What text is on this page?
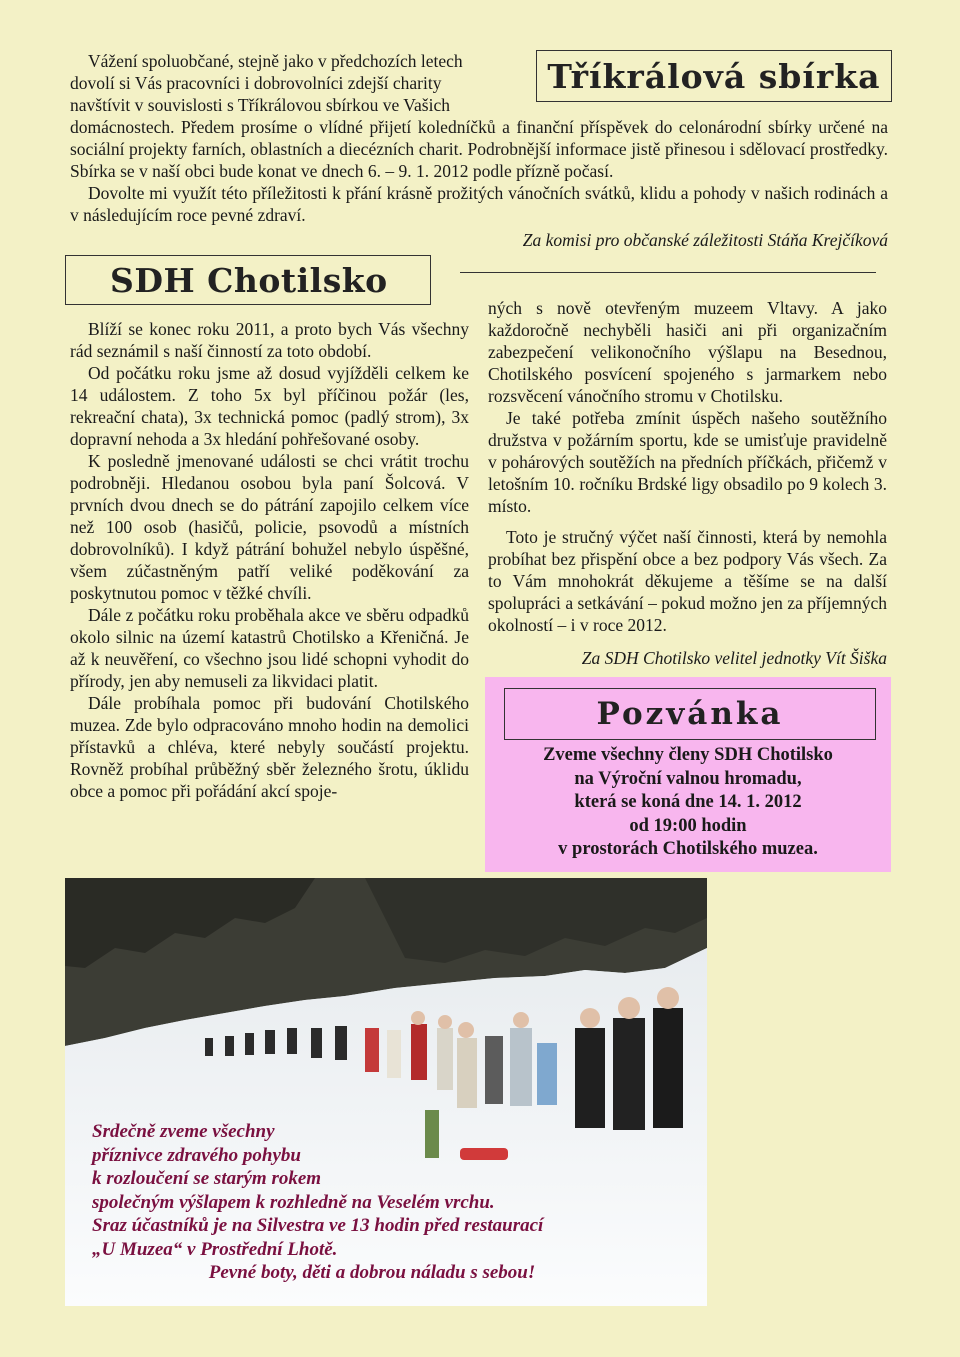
Tříkrálová sbírka

Vážení spoluobčané, stejně jako v předchozích letech

dovolí si Vás pracovníci i dobrovolníci zdejší charity

navštívit v souvislosti s Tříkrálovou sbírkou ve Vašich

domácnostech. Předem prosíme o vlídné přijetí koledníčků a finanční příspěvek do celonárodní sbírky určené na sociální projekty farních, oblastních a diecézních charit. Podrobnější informace jistě přinesou i sdělovací prostředky. Sbírka se v naší obci bude konat ve dnech 6. – 9. 1. 2012 podle přízně počasí.

Dovolte mi využít této příležitosti k přání krásně prožitých vánočních svátků, klidu a pohody v našich rodinách a v následujícím roce pevné zdraví.

Za komisi pro občanské záležitosti Stáňa Krejčíková

SDH Chotilsko

Blíží se konec roku 2011, a proto bych Vás všechny rád seznámil s naší činností za toto období.

Od počátku roku jsme až dosud vyjížděli celkem ke 14 událostem. Z toho 5x byl příčinou požár (les, rekreační chata), 3x technická pomoc (padlý strom), 3x dopravní nehoda a 3x hledání pohřešované osoby.

K posledně jmenované události se chci vrátit trochu podrobněji. Hledanou osobou byla paní Šolcová. V prvních dvou dnech se do pátrání zapojilo celkem více než 100 osob (hasičů, policie, psovodů a místních dobrovolníků). I když pátrání bohužel nebylo úspěšné, všem zúčastněným patří veliké poděkování za poskytnutou pomoc v těžké chvíli.

Dále z počátku roku proběhala akce ve sběru odpadků okolo silnic na území katastrů Chotilsko a Křeničná. Je až k neuvěření, co všechno jsou lidé schopni vyhodit do přírody, jen aby nemuseli za likvidaci platit.

Dále probíhala pomoc při budování Chotilského muzea. Zde bylo odpracováno mnoho hodin na demolici přístavků a chléva, které nebyly součástí projektu. Rovněž probíhal průběžný sběr železného šrotu, úklidu obce a pomoc při pořádání akcí spoje-

ných s nově otevřeným muzeem Vltavy. A jako každoročně nechyběli hasiči ani při organizačním zabezpečení velikonočního výšlapu na Besednou, Chotilského posvícení spojeného s jarmarkem nebo rozsvěcení vánočního stromu v Chotilsku.

Je také potřeba zmínit úspěch našeho soutěžního družstva v požárním sportu, kde se umisťuje pravidelně v pohárových soutěžích na předních příčkách, přičemž v letošním 10. ročníku Brdské ligy obsadilo po 9 kolech 3. místo.

Toto je stručný výčet naší činnosti, která by nemohla probíhat bez přispění obce a bez podpory Vás všech. Za to Vám mnohokrát děkujeme a těšíme se na další spolupráci a setkávání – pokud možno jen za příjemných okolností – i v roce 2012.

Za SDH Chotilsko velitel jednotky Vít Šiška

Pozvánka
Zveme všechny členy SDH Chotilsko
na Výroční valnou hromadu,
která se koná dne 14. 1. 2012
od 19:00 hodin
v prostorách Chotilského muzea.
Srdečně zveme všechny
příznivce zdravého pohybu
k rozloučení se starým rokem
společným výšlapem k rozhledně na Veselém vrchu.
Sraz účastníků je na Silvestra ve 13 hodin před restaurací
„U Muzea“ v Prostřední Lhotě.
Pevné boty, děti a dobrou náladu s sebou!
